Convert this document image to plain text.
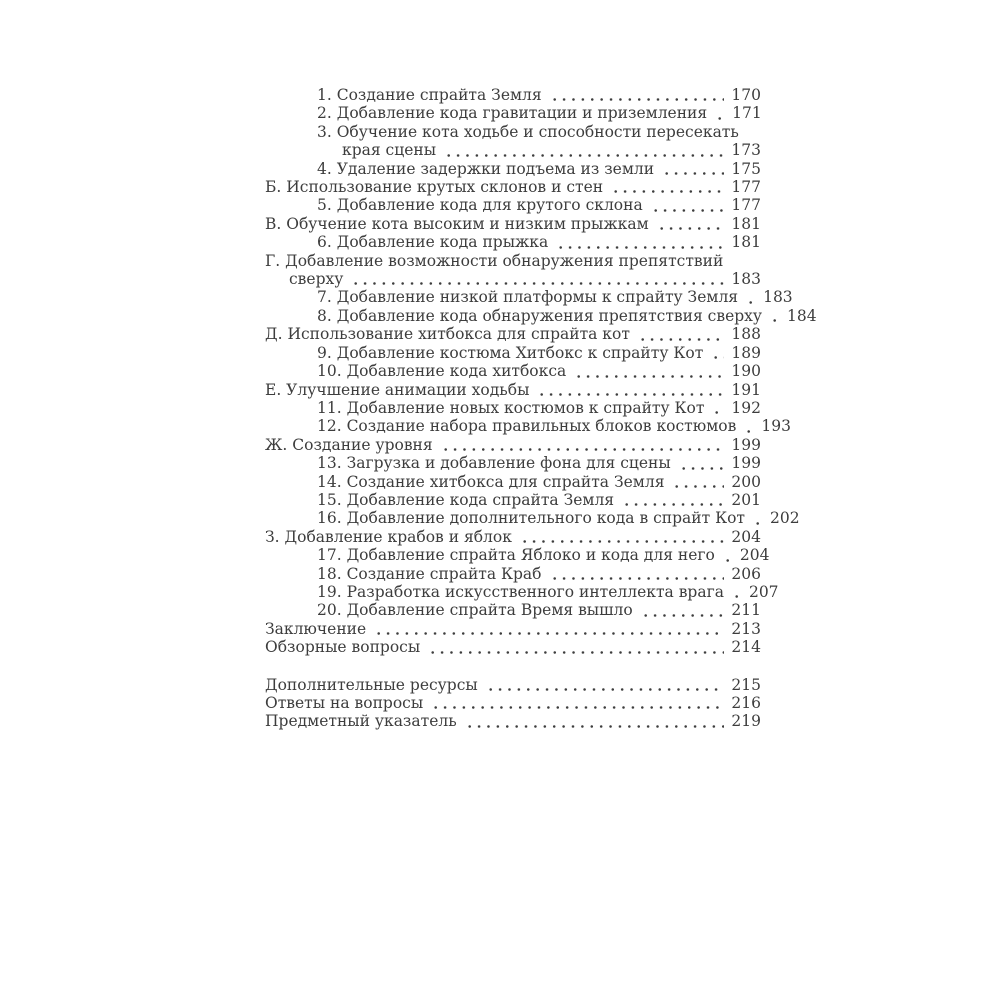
1. Создание спрайта Земля	170
2. Добавление кода гравитации и приземления 171
3. Обучение кота ходьбе и способности пересекать
края сцены	173
4. Удаление задержки подъема из земли	175
Б. Использование крутых склонов и стен	177
5. Добавление кода для крутого склона	177
В. Обучение кота высоким и низким прыжкам	181
6. Добавление кода прыжка	181
Г. Добавление возможности обнаружения препятствий
сверху	183
7. Добавление низкой платформы к спрайту Земля 183
8. Добавление кода обнаружения препятствия сверху 184
Д. Использование хитбокса для спрайта кот	188
9. Добавление костюма Хитбокс к спрайту Кот 189
10. Добавление кода хитбокса	190
Е. Улучшение анимации ходьбы	191
11. Добавление новых костюмов к спрайту Кот 192
12. Создание набора правильных блоков костюмов 193
Ж. Создание уровня	199
13. Загрузка и добавление фона для сцены	199
14. Создание хитбокса для спрайта Земля	200
15. Добавление кода спрайта Земля	201
16. Добавление дополнительного кода в спрайт Кот 202
З. Добавление крабов и яблок	204
17. Добавление спрайта Яблоко и кода для него 204
18. Создание спрайта Краб	206
19. Разработка искусственного интеллекта врага 207
20. Добавление спрайта Время вышло	211
Заключение	213
Обзорные вопросы	214
Дополнительные ресурсы	215
Ответы на вопросы	216
Предметный указатель	219
